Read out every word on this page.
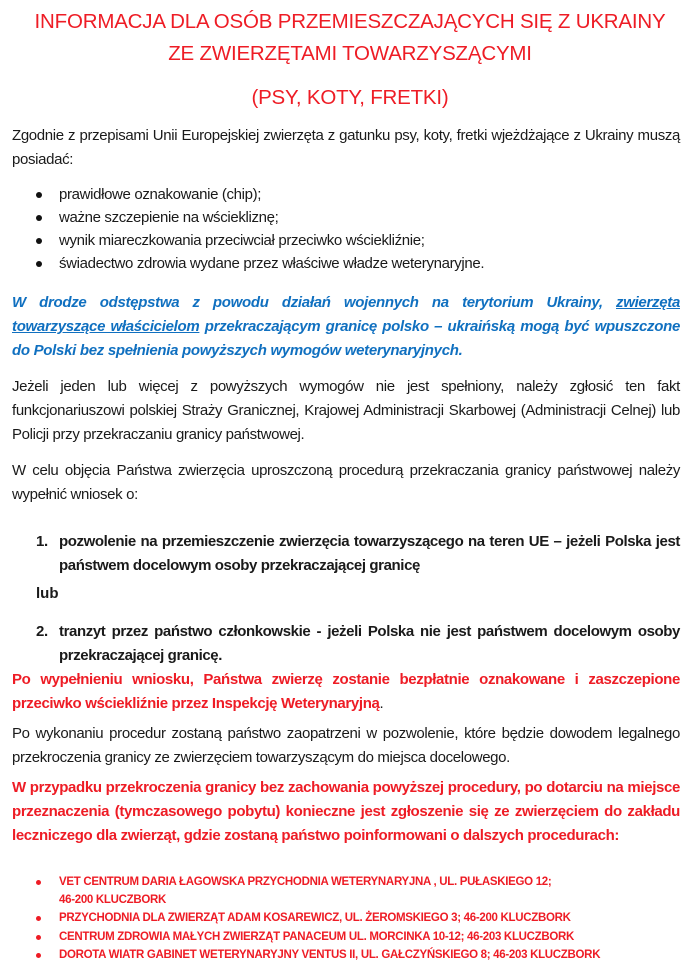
INFORMACJA DLA OSÓB PRZEMIESZCZAJĄCYCH SIĘ Z UKRAINY
ZE ZWIERZĘTAMI TOWARZYSZĄCYMI
(PSY, KOTY, FRETKI)

Zgodnie z przepisami Unii Europejskiej zwierzęta z gatunku psy, koty, fretki wjeżdżające z Ukrainy muszą posiadać:

prawidłowe oznakowanie (chip);
ważne szczepienie na wściekliznę;
wynik miareczkowania przeciwciał przeciwko wściekliźnie;
świadectwo zdrowia wydane przez właściwe władze weterynaryjne.

W drodze odstępstwa z powodu działań wojennych na terytorium Ukrainy, zwierzęta towarzyszące właścicielom przekraczającym granicę polsko – ukraińską mogą być wpuszczone do Polski bez spełnienia powyższych wymogów weterynaryjnych.

Jeżeli jeden lub więcej z powyższych wymogów nie jest spełniony, należy zgłosić ten fakt funkcjonariuszowi polskiej Straży Granicznej, Krajowej Administracji Skarbowej (Administracji Celnej) lub Policji przy przekraczaniu granicy państwowej.

W celu objęcia Państwa zwierzęcia uproszczoną procedurą przekraczania granicy państwowej należy wypełnić wniosek o:

1. pozwolenie na przemieszczenie zwierzęcia towarzyszącego na teren UE – jeżeli Polska jest państwem docelowym osoby przekraczającej granicę
lub
2. tranzyt przez państwo członkowskie - jeżeli Polska nie jest państwem docelowym osoby przekraczającej granicę.

Po wypełnieniu wniosku, Państwa zwierzę zostanie bezpłatnie oznakowane i zaszczepione przeciwko wściekliźnie przez Inspekcję Weterynaryjną.

Po wykonaniu procedur zostaną państwo zaopatrzeni w pozwolenie, które będzie dowodem legalnego przekroczenia granicy ze zwierzęciem towarzyszącym do miejsca docelowego.

W przypadku przekroczenia granicy bez zachowania powyższej procedury, po dotarciu na miejsce przeznaczenia (tymczasowego pobytu) konieczne jest zgłoszenie się ze zwierzęciem do zakładu leczniczego dla zwierząt, gdzie zostaną państwo poinformowani o dalszych procedurach:

VET CENTRUM DARIA ŁAGOWSKA PRZYCHODNIA WETERYNARYJNA , UL. PUŁASKIEGO 12;
46-200 KLUCZBORK
PRZYCHODNIA DLA ZWIERZĄT ADAM KOSAREWICZ, UL. ŻEROMSKIEGO 3; 46-200 KLUCZBORK
CENTRUM ZDROWIA MAŁYCH ZWIERZĄT PANACEUM UL. MORCINKA 10-12; 46-203 KLUCZBORK
DOROTA WIATR GABINET WETERYNARYJNY VENTUS II, UL. GAŁCZYŃSKIEGO 8; 46-203 KLUCZBORK
